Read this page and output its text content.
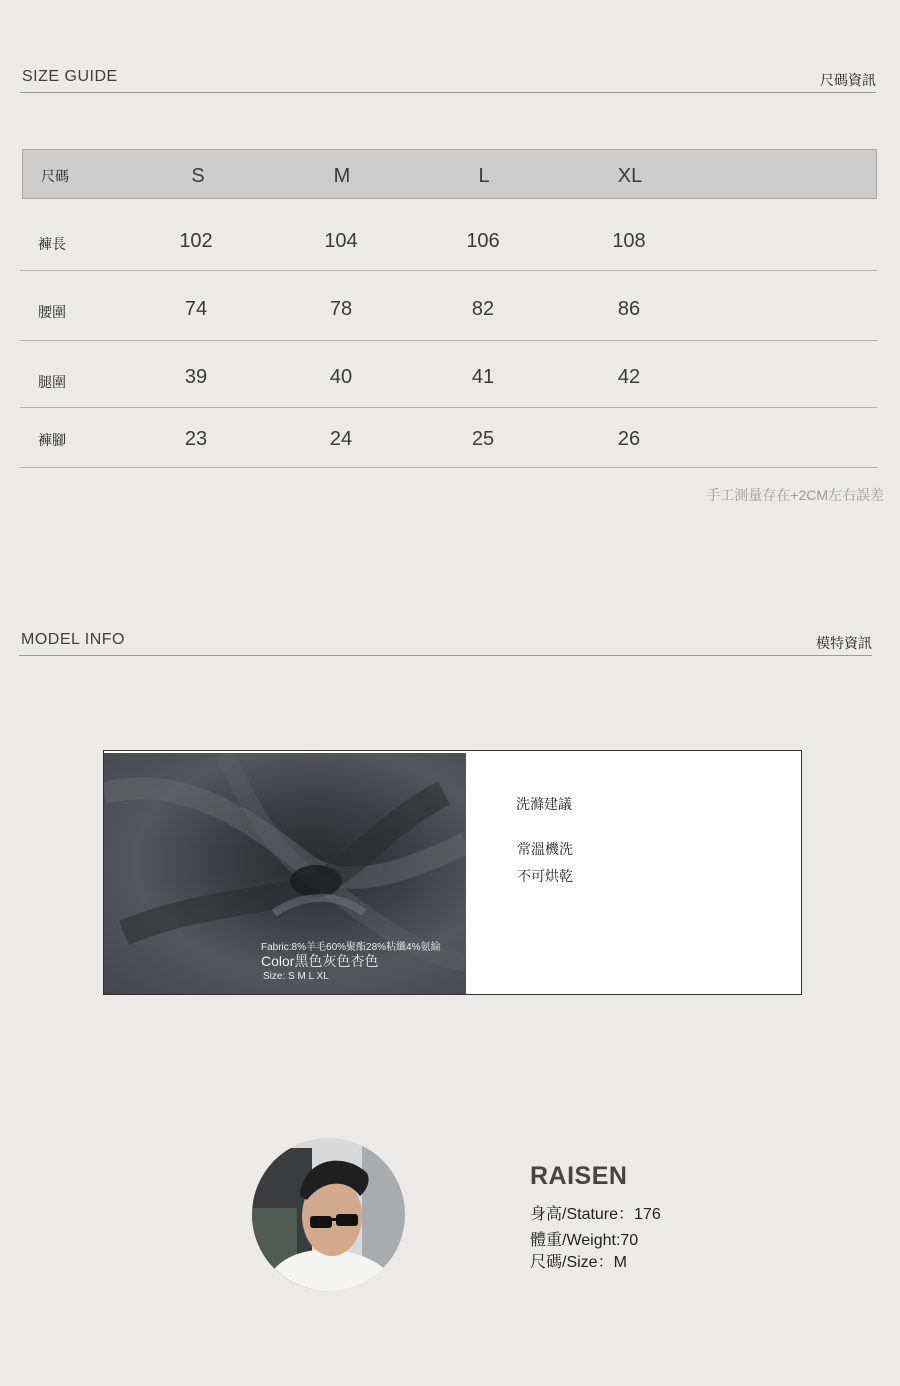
SIZE GUIDE	尺碼資訊
尺碼	S	M	L	XL
褲長	102	104	106	108
腰圍	74	78	82	86
腿圍	39	40	41	42
褲腳	23	24	25	26
手工測量存在+2CM左右誤差
MODEL INFO	模特資訊
Fabric:8%羊毛60%聚酯28%粘纖4%氨綸
Color黑色灰色杏色
Size: S M L XL
洗滌建議
常溫機洗
不可烘乾
RAISEN
身高/Stature：176
體重/Weight:70
尺碼/Size：M
